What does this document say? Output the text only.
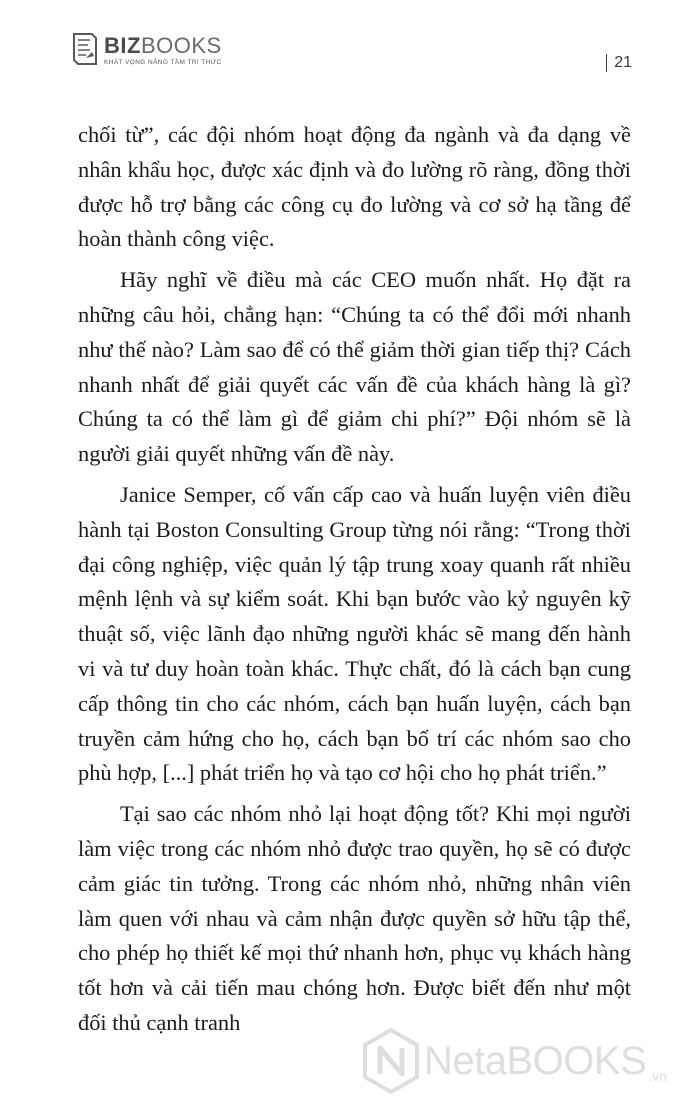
BIZBOOKS
KHÁT VỌNG NÂNG TẦM TRI THỨC	21

chối từ”, các đội nhóm hoạt động đa ngành và đa dạng về nhân khẩu học, được xác định và đo lường rõ ràng, đồng thời được hỗ trợ bằng các công cụ đo lường và cơ sở hạ tầng để hoàn thành công việc.

Hãy nghĩ về điều mà các CEO muốn nhất. Họ đặt ra những câu hỏi, chẳng hạn: “Chúng ta có thể đổi mới nhanh như thế nào? Làm sao để có thể giảm thời gian tiếp thị? Cách nhanh nhất để giải quyết các vấn đề của khách hàng là gì? Chúng ta có thể làm gì để giảm chi phí?” Đội nhóm sẽ là người giải quyết những vấn đề này.

Janice Semper, cố vấn cấp cao và huấn luyện viên điều hành tại Boston Consulting Group từng nói rằng: “Trong thời đại công nghiệp, việc quản lý tập trung xoay quanh rất nhiều mệnh lệnh và sự kiểm soát. Khi bạn bước vào kỷ nguyên kỹ thuật số, việc lãnh đạo những người khác sẽ mang đến hành vi và tư duy hoàn toàn khác. Thực chất, đó là cách bạn cung cấp thông tin cho các nhóm, cách bạn huấn luyện, cách bạn truyền cảm hứng cho họ, cách bạn bố trí các nhóm sao cho phù hợp, [...] phát triển họ và tạo cơ hội cho họ phát triển.”

Tại sao các nhóm nhỏ lại hoạt động tốt? Khi mọi người làm việc trong các nhóm nhỏ được trao quyền, họ sẽ có được cảm giác tin tưởng. Trong các nhóm nhỏ, những nhân viên làm quen với nhau và cảm nhận được quyền sở hữu tập thể, cho phép họ thiết kế mọi thứ nhanh hơn, phục vụ khách hàng tốt hơn và cải tiến mau chóng hơn. Được biết đến như một đối thủ cạnh tranh

NetaBOOKS .vn
